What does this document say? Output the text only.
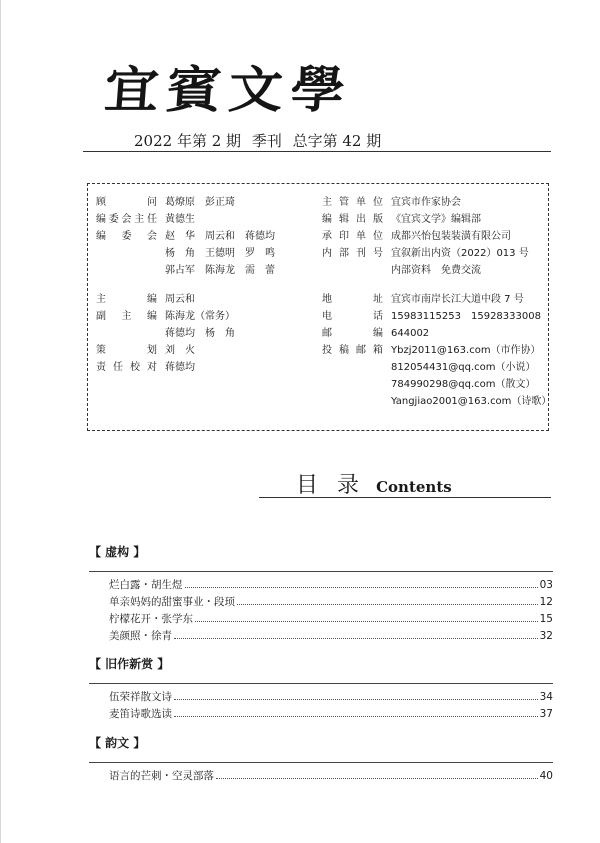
宜賓文學
2022 年第 2 期 季刊 总字第 42 期
顾问 葛燎原　彭正琦
编委会主任 黄德生
编委会 赵　华　周云和　蒋德均
杨　角　王德明　罗　鸣
郭占军　陈海龙　需　蕾
主编 周云和
副主编 陈海龙（常务）
蒋德均　杨　角
策划 刘　火
责任校对 蒋德均
主管单位 宜宾市作家协会
编辑出版 《宜宾文学》编辑部
承印单位 成都兴怡包装装潢有限公司
内部刊号 宜叙新出内资（2022）013 号
内部资料　免费交流
地址 宜宾市南岸长江大道中段 7 号
电话 15983115253　15928333008
邮编 644002
投稿邮箱 Ybzj2011@163.com（市作协）
812054431@qq.com（小说）
784990298@qq.com（散文）
Yangjiao2001@163.com（诗歌）
目 录 Contents
【 虚构 】
烂白露・胡生煜	03
单亲妈妈的甜蜜事业・段顼	12
柠檬花开・张学东	15
美颜照・徐青	32
【 旧作新赏 】
伍荣祥散文诗	34
麦笛诗歌选读	37
【 韵文 】
语言的芒刺・空灵部落	40
